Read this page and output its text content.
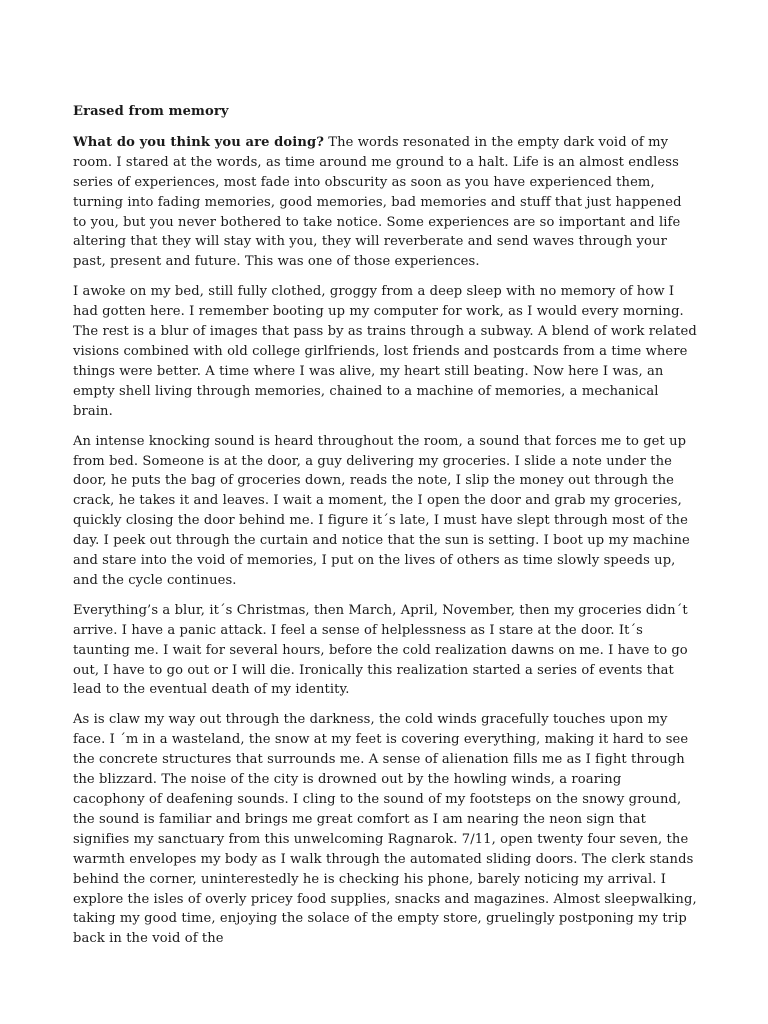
Erased from memory

What do you think you are doing? The words resonated in the empty dark void of my room. I stared at the words, as time around me ground to a halt. Life is an almost endless series of experiences, most fade into obscurity as soon as you have experienced them, turning into fading memories, good memories, bad memories and stuff that just happened to you, but you never bothered to take notice. Some experiences are so important and life altering that they will stay with you, they will reverberate and send waves through your past, present and future. This was one of those experiences.

I awoke on my bed, still fully clothed, groggy from a deep sleep with no memory of how I had gotten here. I remember booting up my computer for work, as I would every morning. The rest is a blur of images that pass by as trains through a subway. A blend of work related visions combined with old college girlfriends, lost friends and postcards from a time where things were better. A time where I was alive, my heart still beating. Now here I was, an empty shell living through memories, chained to a machine of memories, a mechanical brain.

An intense knocking sound is heard throughout the room, a sound that forces me to get up from bed. Someone is at the door, a guy delivering my groceries. I slide a note under the door, he puts the bag of groceries down, reads the note, I slip the money out through the crack, he takes it and leaves. I wait a moment, the I open the door and grab my groceries, quickly closing the door behind me. I figure it´s late, I must have slept through most of the day. I peek out through the curtain and notice that the sun is setting. I boot up my machine and stare into the void of memories, I put on the lives of others as time slowly speeds up, and the cycle continues.

Everything’s a blur, it´s Christmas, then March, April, November, then my groceries didn´t arrive. I have a panic attack. I feel a sense of helplessness as I stare at the door. It´s taunting me. I wait for several hours, before the cold realization dawns on me. I have to go out, I have to go out or I will die. Ironically this realization started a series of events that lead to the eventual death of my identity.

As is claw my way out through the darkness, the cold winds gracefully touches upon my face. I ´m in a wasteland, the snow at my feet is covering everything, making it hard to see the concrete structures that surrounds me. A sense of alienation fills me as I fight through the blizzard. The noise of the city is drowned out by the howling winds, a roaring cacophony of deafening sounds. I cling to the sound of my footsteps on the snowy ground, the sound is familiar and brings me great comfort as I am nearing the neon sign that signifies my sanctuary from this unwelcoming Ragnarok. 7/11, open twenty four seven, the warmth envelopes my body as I walk through the automated sliding doors. The clerk stands behind the corner, uninterestedly he is checking his phone, barely noticing my arrival. I explore the isles of overly pricey food supplies, snacks and magazines. Almost sleepwalking, taking my good time, enjoying the solace of the empty store, gruelingly postponing my trip back in the void of the
